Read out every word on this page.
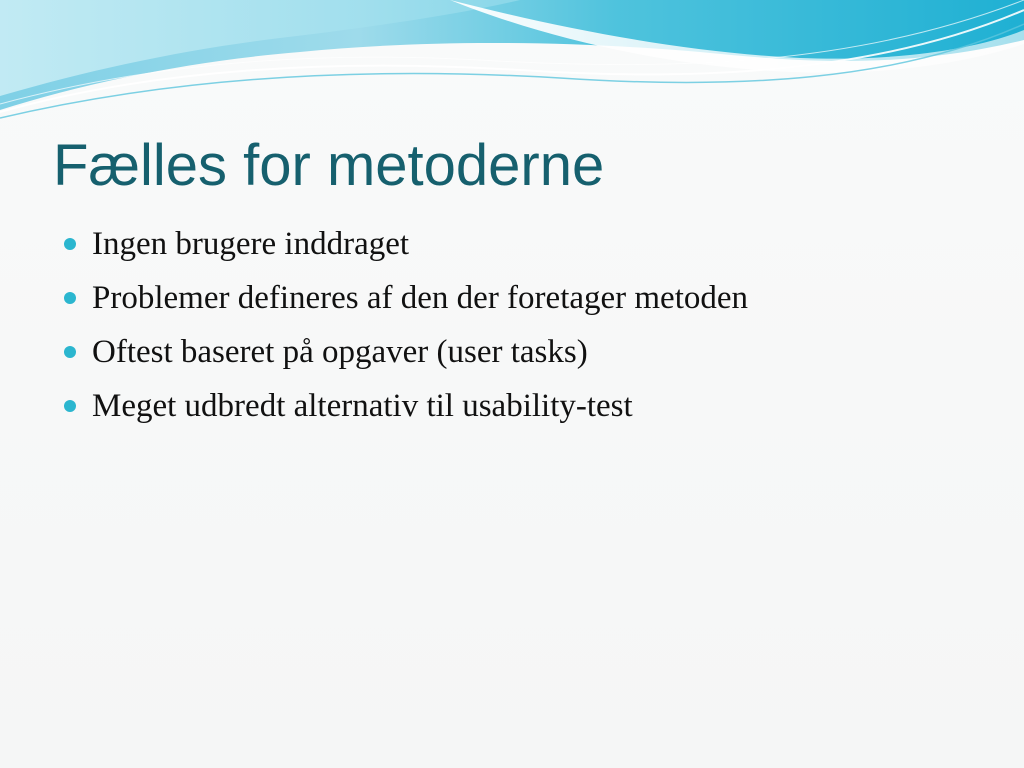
Fælles for metoderne
Ingen brugere inddraget
Problemer defineres af den der foretager metoden
Oftest baseret på opgaver (user tasks)
Meget udbredt alternativ til usability-test
